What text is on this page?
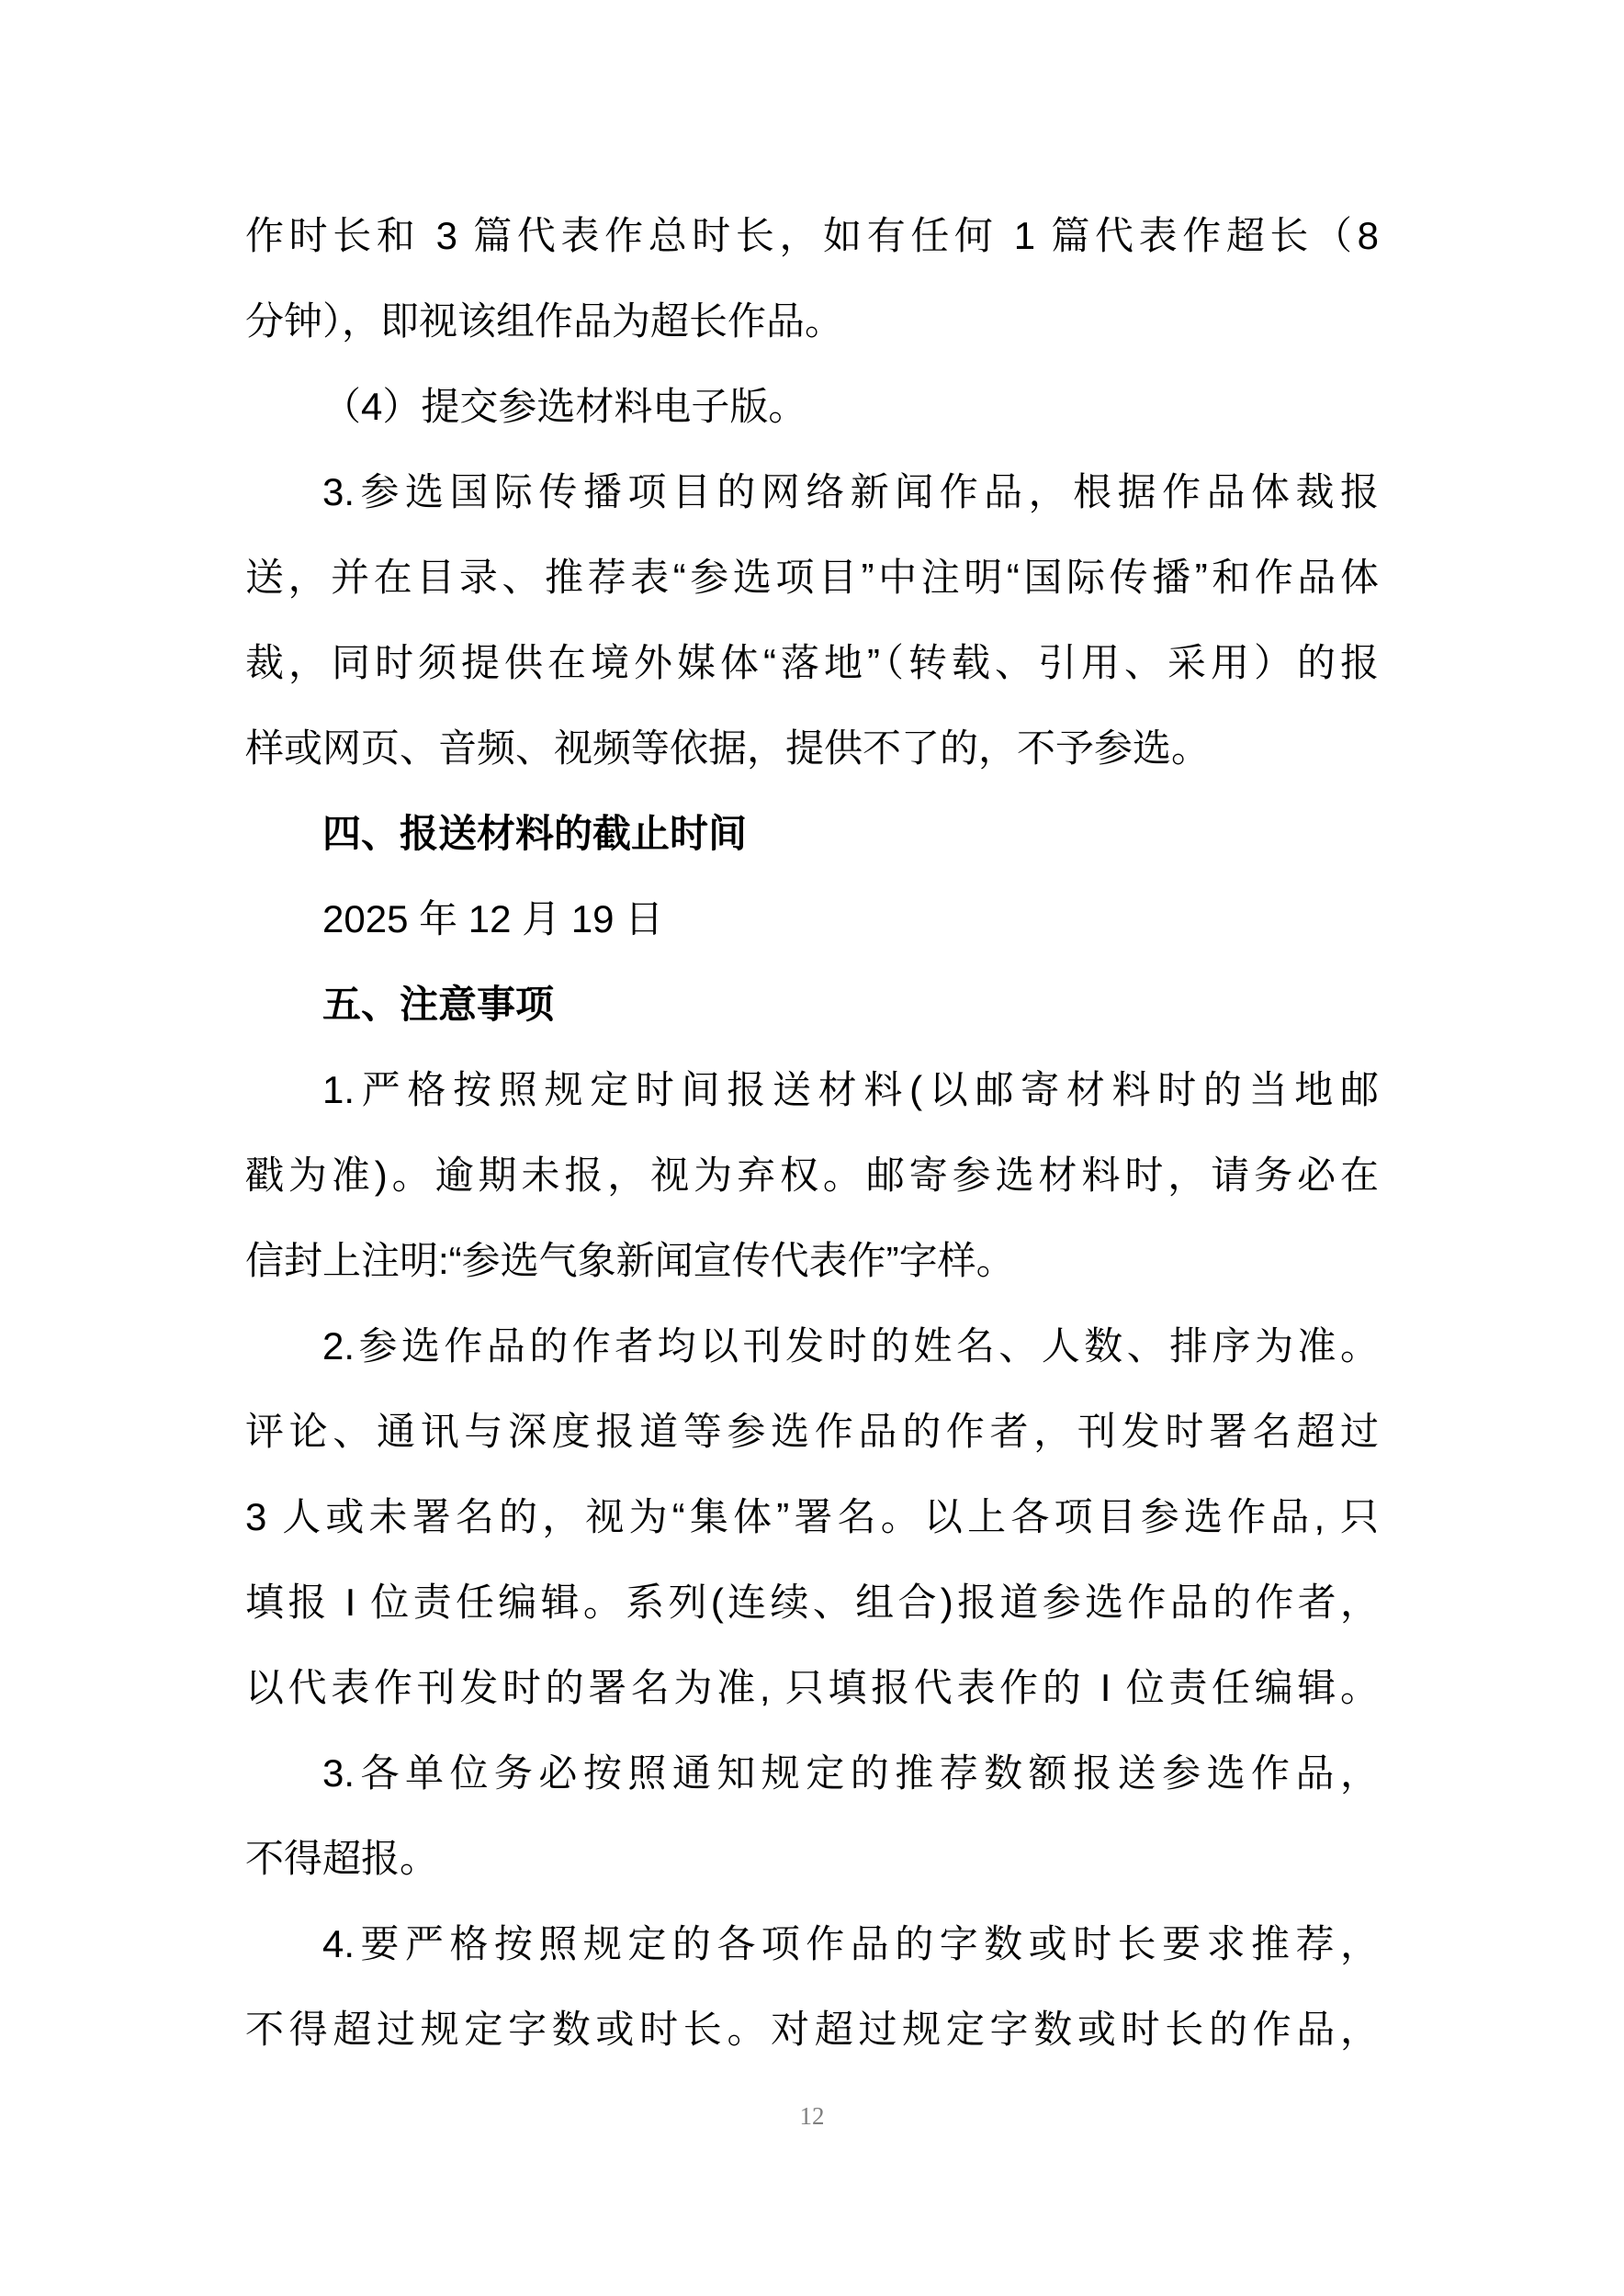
作时长和 3 篇代表作总时长，如有任何 1 篇代表作超长（8
分钟），即视该组作品为超长作品。
（4）提交参选材料电子版。
3.参选国际传播项目的网络新闻作品，根据作品体裁报
送，并在目录、推荐表“参选项目”中注明“国际传播”和作品体
裁，同时须提供在境外媒体“落地”（转载、引用、采用）的报
样或网页、音频、视频等依据，提供不了的，不予参选。
四、报送材料的截止时间
2025 年 12 月 19 日
五、注意事项
1.严格按照规定时间报送材料(以邮寄材料时的当地邮
戳为准)。逾期未报，视为弃权。邮寄参选材料时，请务必在
信封上注明:“参选气象新闻宣传代表作”字样。
2.参选作品的作者均以刊发时的姓名、人数、排序为准。
评论、通讯与深度报道等参选作品的作者，刊发时署名超过
3 人或未署名的，视为“集体”署名。以上各项目参选作品, 只
填报 I 位责任编辑。系列(连续、组合)报道参选作品的作者，
以代表作刊发时的署名为准, 只填报代表作的 I 位责任编辑。
3.各单位务必按照通知规定的推荐数额报送参选作品，
不得超报。
4.要严格按照规定的各项作品的字数或时长要求推荐，
不得超过规定字数或时长。对超过规定字数或时长的作品，
12
